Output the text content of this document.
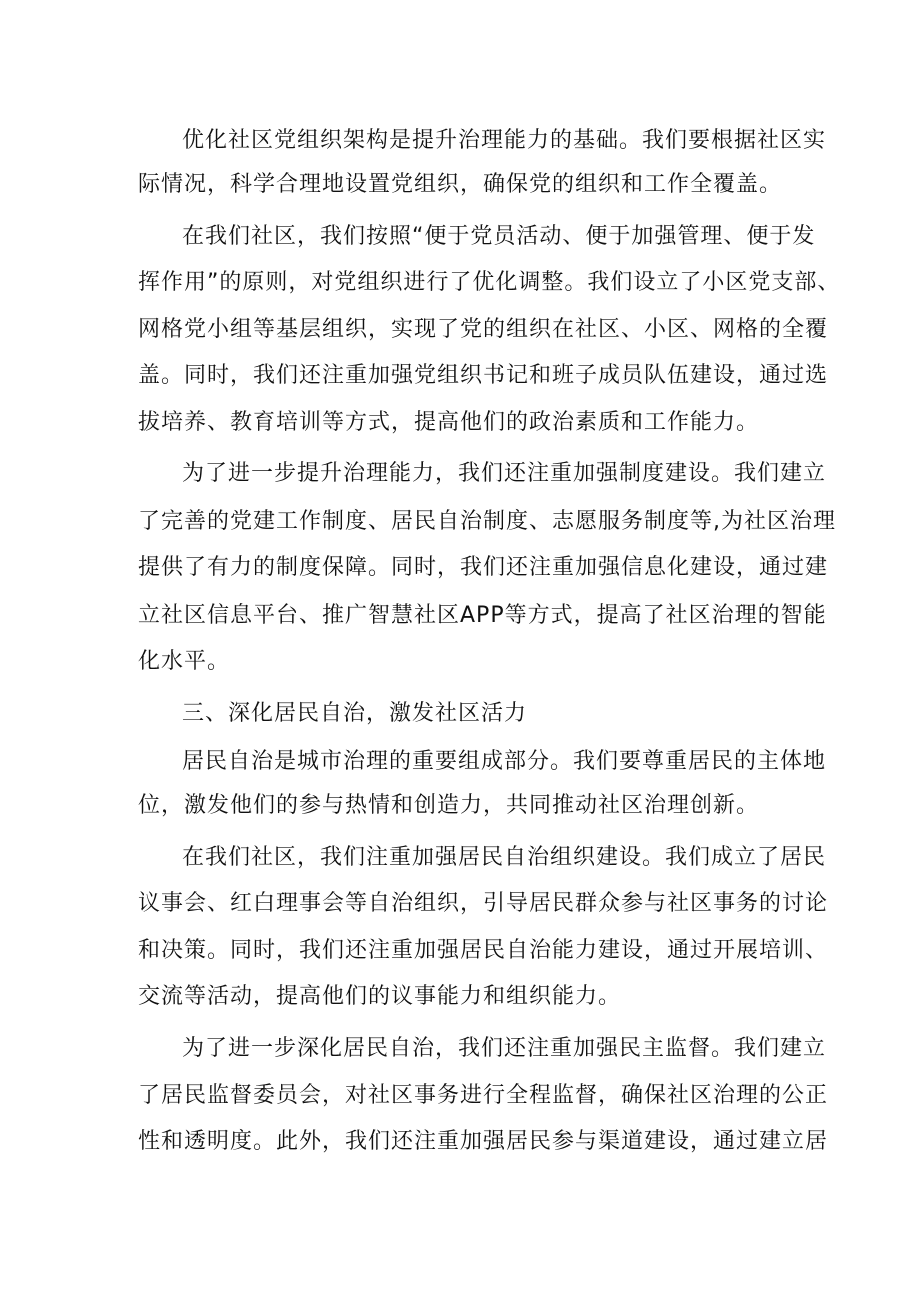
优化社区党组织架构是提升治理能力的基础。我们要根据社区实

际情况，科学合理地设置党组织，确保党的组织和工作全覆盖。

在我们社区，我们按照“便于党员活动、便于加强管理、便于发

挥作用”的原则，对党组织进行了优化调整。我们设立了小区党支部、

网格党小组等基层组织，实现了党的组织在社区、小区、网格的全覆

盖。同时，我们还注重加强党组织书记和班子成员队伍建设，通过选

拔培养、教育培训等方式，提高他们的政治素质和工作能力。

为了进一步提升治理能力，我们还注重加强制度建设。我们建立

了完善的党建工作制度、居民自治制度、志愿服务制度等,为社区治理

提供了有力的制度保障。同时，我们还注重加强信息化建设，通过建

立社区信息平台、推广智慧社区APP等方式，提高了社区治理的智能

化水平。

三、深化居民自治，激发社区活力

居民自治是城市治理的重要组成部分。我们要尊重居民的主体地

位，激发他们的参与热情和创造力，共同推动社区治理创新。

在我们社区，我们注重加强居民自治组织建设。我们成立了居民

议事会、红白理事会等自治组织，引导居民群众参与社区事务的讨论

和决策。同时，我们还注重加强居民自治能力建设，通过开展培训、

交流等活动，提高他们的议事能力和组织能力。

为了进一步深化居民自治，我们还注重加强民主监督。我们建立

了居民监督委员会，对社区事务进行全程监督，确保社区治理的公正

性和透明度。此外，我们还注重加强居民参与渠道建设，通过建立居
